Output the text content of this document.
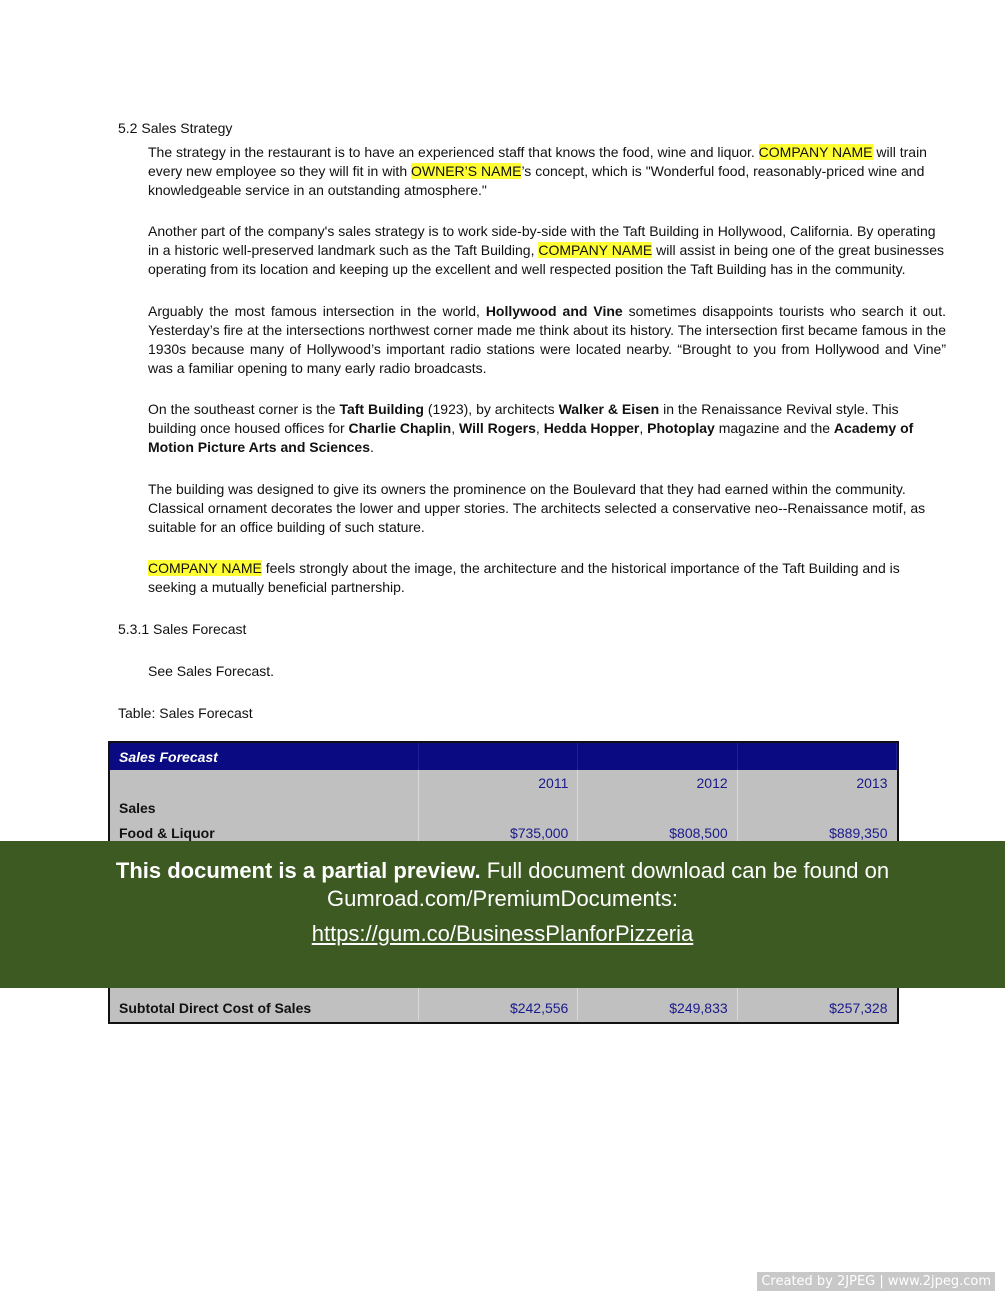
5.2 Sales Strategy

The strategy in the restaurant is to have an experienced staff that knows the food, wine and liquor. COMPANY NAME will train every new employee so they will fit in with OWNER’S NAME’s concept, which is "Wonderful food, reasonably-priced wine and knowledgeable service in an outstanding atmosphere."

Another part of the company's sales strategy is to work side-by-side with the Taft Building in Hollywood, California. By operating in a historic well-preserved landmark such as the Taft Building, COMPANY NAME will assist in being one of the great businesses operating from its location and keeping up the excellent and well respected position the Taft Building has in the community.

Arguably the most famous intersection in the world, Hollywood and Vine sometimes disappoints tourists who search it out. Yesterday’s fire at the intersections northwest corner made me think about its history. The intersection first became famous in the 1930s because many of Hollywood’s important radio stations were located nearby. “Brought to you from Hollywood and Vine” was a familiar opening to many early radio broadcasts.

On the southeast corner is the Taft Building (1923), by architects Walker & Eisen in the Renaissance Revival style. This building once housed offices for Charlie Chaplin, Will Rogers, Hedda Hopper, Photoplay magazine and the Academy of Motion Picture Arts and Sciences.

The building was designed to give its owners the prominence on the Boulevard that they had earned within the community. Classical ornament decorates the lower and upper stories. The architects selected a conservative neo--Renaissance motif, as suitable for an office building of such stature.

COMPANY NAME feels strongly about the image, the architecture and the historical importance of the Taft Building and is seeking a mutually beneficial partnership.

5.3.1 Sales Forecast
See Sales Forecast.
Table: Sales Forecast
Sales Forecast			
	2011	2012	2013
Sales			
Food & Liquor	$735,000	$808,500	$889,350

Subtotal Direct Cost of Sales	$242,556	$249,833	$257,328
This document is a partial preview. Full document download can be found on
Gumroad.com/PremiumDocuments:
https://gum.co/BusinessPlanforPizzeria
Created by 2JPEG | www.2jpeg.com
